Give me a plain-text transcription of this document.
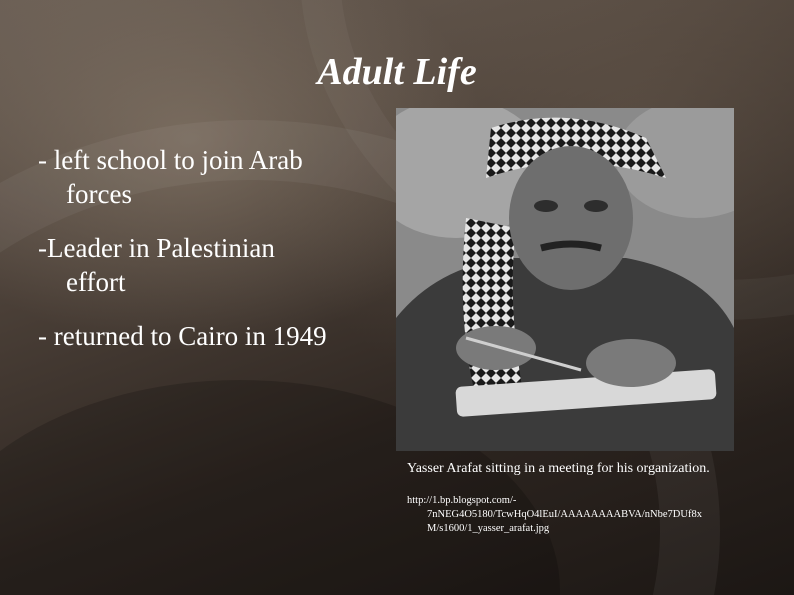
Adult Life
- left school to join Arab
forces
-Leader in Palestinian
effort
- returned to Cairo in 1949
Yasser Arafat sitting in a meeting for his organization.
http://1.bp.blogspot.com/-
7nNEG4O5180/TcwHqO4lEuI/AAAAAAAABVA/nNbe7DUf8x
M/s1600/1_yasser_arafat.jpg
